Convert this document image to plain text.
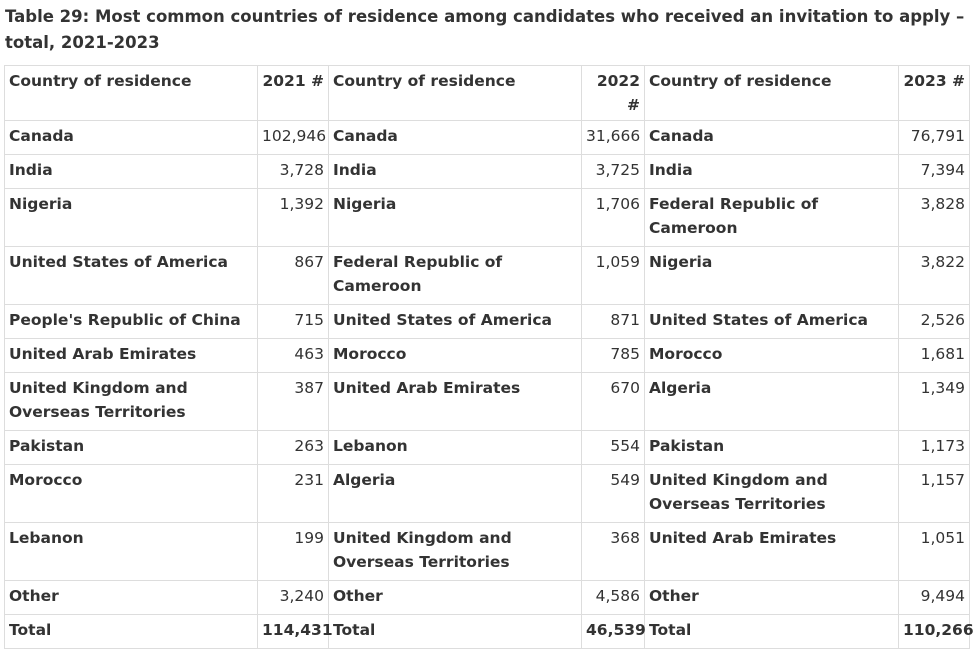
Table 29: Most common countries of residence among candidates who received an invitation to apply – total, 2021-2023
Country of residence	2021 #	Country of residence	2022 #	Country of residence	2023 #
Canada	102,946	Canada	31,666	Canada	76,791
India	3,728	India	3,725	India	7,394
Nigeria	1,392	Nigeria	1,706	Federal Republic of Cameroon	3,828
United States of America	867	Federal Republic of Cameroon	1,059	Nigeria	3,822
People's Republic of China	715	United States of America	871	United States of America	2,526
United Arab Emirates	463	Morocco	785	Morocco	1,681
United Kingdom and Overseas Territories	387	United Arab Emirates	670	Algeria	1,349
Pakistan	263	Lebanon	554	Pakistan	1,173
Morocco	231	Algeria	549	United Kingdom and Overseas Territories	1,157
Lebanon	199	United Kingdom and Overseas Territories	368	United Arab Emirates	1,051
Other	3,240	Other	4,586	Other	9,494
Total	114,431	Total	46,539	Total	110,266
